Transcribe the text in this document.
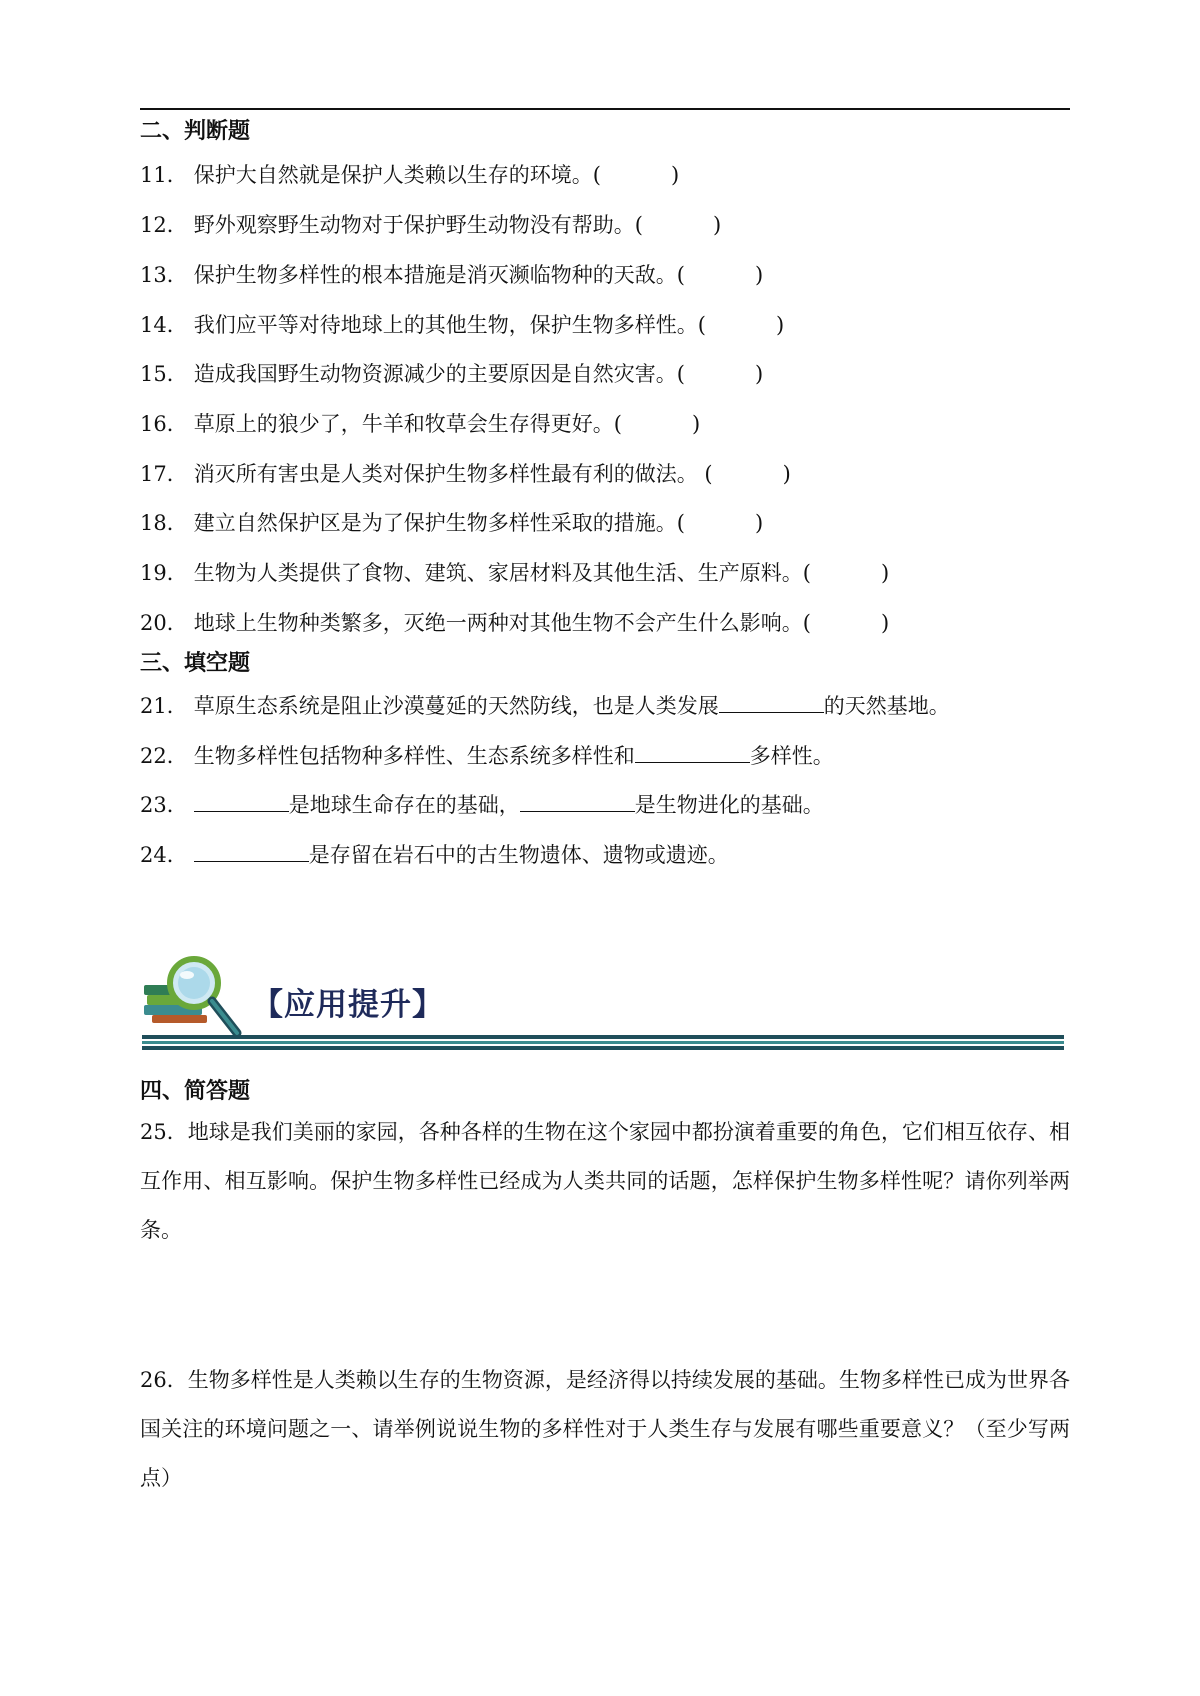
二、判断题
11． 保护大自然就是保护人类赖以生存的环境。(	)
12． 野外观察野生动物对于保护野生动物没有帮助。(	)
13． 保护生物多样性的根本措施是消灭濒临物种的天敌。(	)
14． 我们应平等对待地球上的其他生物，保护生物多样性。(	)
15． 造成我国野生动物资源减少的主要原因是自然灾害。(	)
16． 草原上的狼少了，牛羊和牧草会生存得更好。(	)
17． 消灭所有害虫是人类对保护生物多样性最有利的做法。 (	)
18． 建立自然保护区是为了保护生物多样性采取的措施。(	)
19． 生物为人类提供了食物、建筑、家居材料及其他生活、生产原料。(	)
20． 地球上生物种类繁多，灭绝一两种对其他生物不会产生什么影响。(	)
三、填空题
21． 草原生态系统是阻止沙漠蔓延的天然防线，也是人类发展	的天然基地。
22． 生物多样性包括物种多样性、生态系统多样性和	多样性。
23．	是地球生命存在的基础，	是生物进化的基础。
24．	是存留在岩石中的古生物遗体、遗物或遗迹。
【应用提升】
四、简答题
25．地球是我们美丽的家园，各种各样的生物在这个家园中都扮演着重要的角色，它们相互依存、相互作用、相互影响。保护生物多样性已经成为人类共同的话题，怎样保护生物多样性呢？请你列举两条。
26．生物多样性是人类赖以生存的生物资源，是经济得以持续发展的基础。生物多样性已成为世界各国关注的环境问题之一、请举例说说生物的多样性对于人类生存与发展有哪些重要意义？（至少写两点）
